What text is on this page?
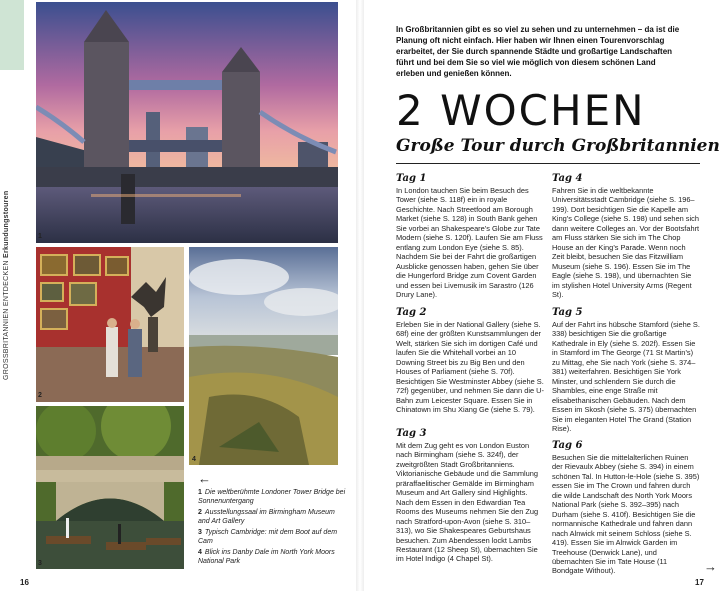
GROSSBRITANNIEN ENTDECKEN Erkundungstouren	1
2
3
4
←
1 Die weltberühmte Londoner Tower Bridge bei Sonnenuntergang
2 Ausstellungssaal im Birmingham Museum and Art Gallery
3 Typisch Cambridge: mit dem Boot auf dem Cam
4 Blick ins Danby Dale im North York Moors National Park
16
In Großbritannien gibt es so viel zu sehen und zu unternehmen – da ist die Planung oft nicht einfach. Hier haben wir Ihnen einen Tourenvorschlag erarbeitet, der Sie durch spannende Städte und großartige Landschaften führt und bei dem Sie so viel wie möglich von diesem schönen Land erleben und genießen können.
2 WOCHEN
Große Tour durch Großbritannien
Tag 1
In London tauchen Sie beim Besuch des Tower (siehe S. 118f) ein in royale Geschichte. Nach Streetfood am Borough Market (siehe S. 128) in South Bank gehen Sie vorbei an Shakespeare’s Globe zur Tate Modern (siehe S. 120f). Laufen Sie am Fluss entlang zum London Eye (siehe S. 85). Nachdem Sie bei der Fahrt die großartigen Ausblicke genossen haben, gehen Sie über die Hungerford Bridge zum Covent Garden und essen bei Livemusik im Sarastro (126 Drury Lane).
Tag 2
Erleben Sie in der National Gallery (siehe S. 68f) eine der größten Kunstsammlungen der Welt, stärken Sie sich im dortigen Café und laufen Sie die Whitehall vorbei an 10 Downing Street bis zu Big Ben und den Houses of Parliament (siehe S. 70f). Besichtigen Sie Westminster Abbey (siehe S. 72f) gegenüber, und nehmen Sie dann die U-Bahn zum Leicester Square. Essen Sie in Chinatown im Shu Xiang Ge (siehe S. 79).
Tag 3
Mit dem Zug geht es von London Euston nach Birmingham (siehe S. 324f), der zweitgrößten Stadt Großbritanniens. Viktorianische Gebäude und die Sammlung präraffaelitischer Gemälde im Birmingham Museum and Art Gallery sind Highlights. Nach dem Essen in den Edwardian Tea Rooms des Museums nehmen Sie den Zug nach Stratford-upon-Avon (siehe S. 310–313), wo Sie Shakespeares Geburtshaus besuchen. Zum Abendessen lockt Lambs Restaurant (12 Sheep St), übernachten Sie im Hotel Indigo (4 Chapel St).
Tag 4
Fahren Sie in die weltbekannte Universitätsstadt Cambridge (siehe S. 196–199). Dort besichtigen Sie die Kapelle am King’s College (siehe S. 198) und sehen sich dann weitere Colleges an. Vor der Bootsfahrt am Fluss stärken Sie sich im The Chop House an der King’s Parade. Wenn noch Zeit bleibt, besuchen Sie das Fitzwilliam Museum (siehe S. 196). Essen Sie im The Eagle (siehe S. 198), und übernachten Sie im stylishen Hotel University Arms (Regent St).
Tag 5
Auf der Fahrt ins hübsche Stamford (siehe S. 338) besichtigen Sie die großartige Kathedrale in Ely (siehe S. 202f). Essen Sie in Stamford im The George (71 St Martin’s) zu Mittag, ehe Sie nach York (siehe S. 374–381) weiterfahren. Besichtigen Sie York Minster, und schlendern Sie durch die Shambles, eine enge Straße mit elisabethanischen Gebäuden. Nach dem Essen im Skosh (siehe S. 375) übernachten Sie im eleganten Hotel The Grand (Station Rise).
Tag 6
Besuchen Sie die mittelalterlichen Ruinen der Rievaulx Abbey (siehe S. 394) in einem schönen Tal. In Hutton-le-Hole (siehe S. 395) essen Sie im The Crown und fahren durch die wilde Landschaft des North York Moors National Park (siehe S. 392–395) nach Durham (siehe S. 410f). Besichtigen Sie die normannische Kathedrale und fahren dann nach Alnwick mit seinem Schloss (siehe S. 419). Essen Sie im Alnwick Garden im Treehouse (Denwick Lane), und übernachten Sie im Tate House (11 Bondgate Without).	→
17
